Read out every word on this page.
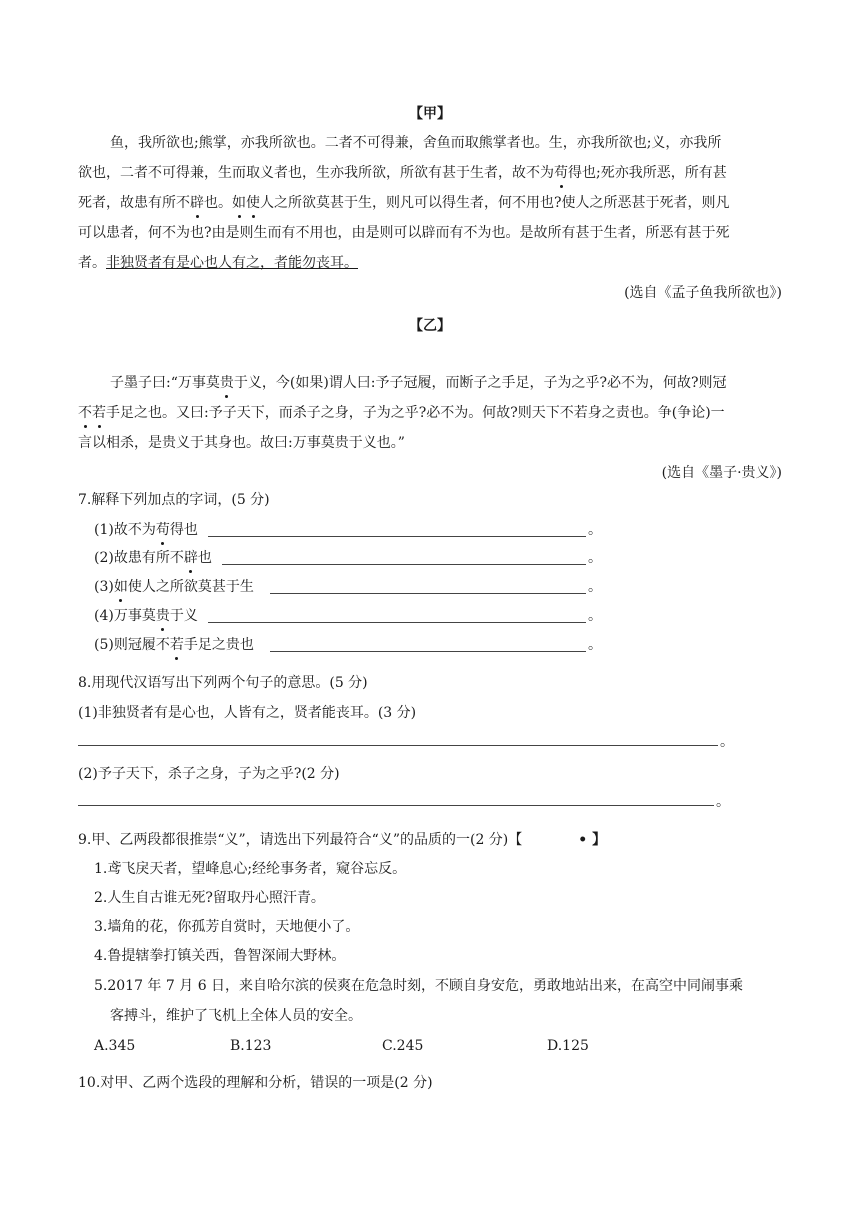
【甲】
鱼，我所欲也;熊掌，亦我所欲也。二者不可得兼，舍鱼而取熊掌者也。生，亦我所欲也;义，亦我所
欲也，二者不可得兼，生而取义者也，生亦我所欲，所欲有甚于生者，故不为苟得也;死亦我所恶，所有甚
死者，故患有所不辟也。如使人之所欲莫甚于生，则凡可以得生者，何不用也?使人之所恶甚于死者，则凡
可以患者，何不为也?由是则生而有不用也，由是则可以辟而有不为也。是故所有甚于生者，所恶有甚于死
者。非独贤者有是心也人有之，者能勿丧耳。
(选自《孟子鱼我所欲也》)
【乙】
子墨子曰:“万事莫贵于义，今(如果)谓人曰:予子冠履，而断子之手足，子为之乎?必不为，何故?则冠
不若手足之也。又曰:予子天下，而杀子之身，子为之乎?必不为。何故?则天下不若身之责也。争(争论)一
言以相杀，是贵义于其身也。故曰:万事莫贵于义也。”
(选自《墨子·贵义》)
7.解释下列加点的字词，(5 分)
(1)故不为苟得也	。
(2)故患有所不辟也	。
(3)如使人之所欲莫甚于生	。
(4)万事莫贵于义	。
(5)则冠履不若手足之贵也	。
8.用现代汉语写出下列两个句子的意思。(5 分)
(1)非独贤者有是心也，人皆有之，贤者能丧耳。(3 分)
。
(2)予子天下，杀子之身，子为之乎?(2 分)
。
9.甲、乙两段都很推崇“义”，请选出下列最符合“义”的品质的一(2 分)【	• 】
1.鸢飞戾天者，望峰息心;经纶事务者，窥谷忘反。
2.人生自古谁无死?留取丹心照汗青。
3.墙角的花，你孤芳自赏时，天地便小了。
4.鲁提辖拳打镇关西，鲁智深闹大野林。
5.2017 年 7 月 6 日，来自哈尔滨的侯爽在危急时刻，不顾自身安危，勇敢地站出来，在高空中同闹事乘
客搏斗，维护了飞机上全体人员的安全。
A.345	B.123	C.245	D.125
10.对甲、乙两个选段的理解和分析，错误的一项是(2 分)
